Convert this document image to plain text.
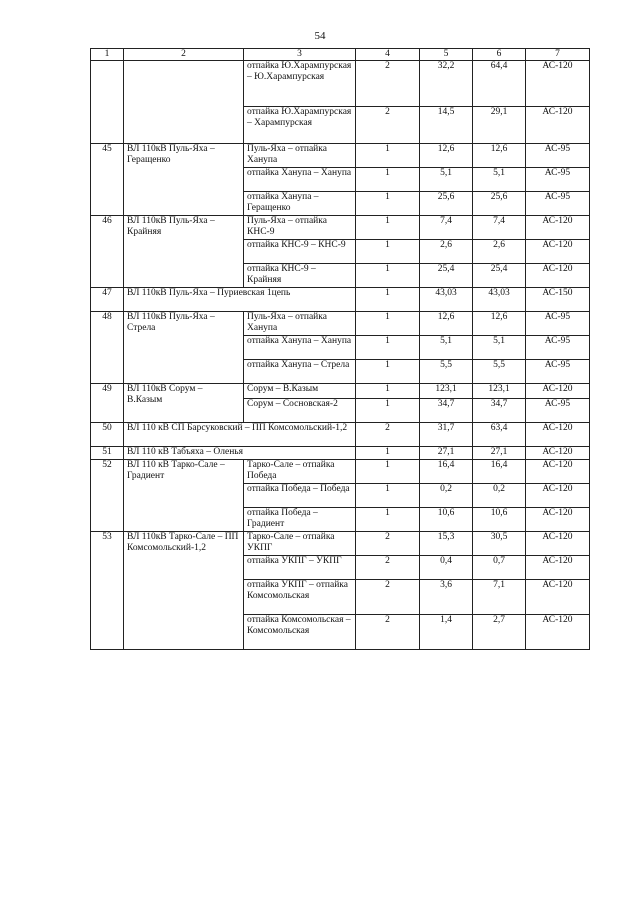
54
1	2	3	4	5	6	7
		отпайка Ю.Харампурская – Ю.Харампурская	2	32,2	64,4	АС-120
		отпайка Ю.Харампурская – Харампурская	2	14,5	29,1	АС-120
45	ВЛ 110кВ Пуль-Яха – Геращенко	Пуль-Яха – отпайка Ханупа	1	12,6	12,6	АС-95
		отпайка Ханупа – Ханупа	1	5,1	5,1	АС-95
		отпайка Ханупа – Геращенко	1	25,6	25,6	АС-95
46	ВЛ 110кВ Пуль-Яха – Крайняя	Пуль-Яха – отпайка КНС-9	1	7,4	7,4	АС-120
		отпайка КНС-9 – КНС-9	1	2,6	2,6	АС-120
		отпайка КНС-9 – Крайняя	1	25,4	25,4	АС-120
47	ВЛ 110кВ Пуль-Яха – Пуриевская 1цепь		1	43,03	43,03	АС-150
48	ВЛ 110кВ Пуль-Яха – Стрела	Пуль-Яха – отпайка Ханупа	1	12,6	12,6	АС-95
		отпайка Ханупа – Ханупа	1	5,1	5,1	АС-95
		отпайка Ханупа – Стрела	1	5,5	5,5	АС-95
49	ВЛ 110кВ Сорум – В.Казым	Сорум – В.Казым	1	123,1	123,1	АС-120
		Сорум – Сосновская-2	1	34,7	34,7	АС-95
50	ВЛ 110 кВ СП Барсуковский – ПП Комсомольский-1,2		2	31,7	63,4	АС-120
51	ВЛ 110 кВ Табъяха – Оленья		1	27,1	27,1	АС-120
52	ВЛ 110 кВ Тарко-Сале – Градиент	Тарко-Сале – отпайка Победа	1	16,4	16,4	АС-120
		отпайка Победа – Победа	1	0,2	0,2	АС-120
		отпайка Победа – Градиент	1	10,6	10,6	АС-120
53	ВЛ 110кВ Тарко-Сале – ПП Комсомольский-1,2	Тарко-Сале – отпайка УКПГ	2	15,3	30,5	АС-120
		отпайка УКПГ – УКПГ	2	0,4	0,7	АС-120
		отпайка УКПГ – отпайка Комсомольская	2	3,6	7,1	АС-120
		отпайка Комсомольская – Комсомольская	2	1,4	2,7	АС-120
